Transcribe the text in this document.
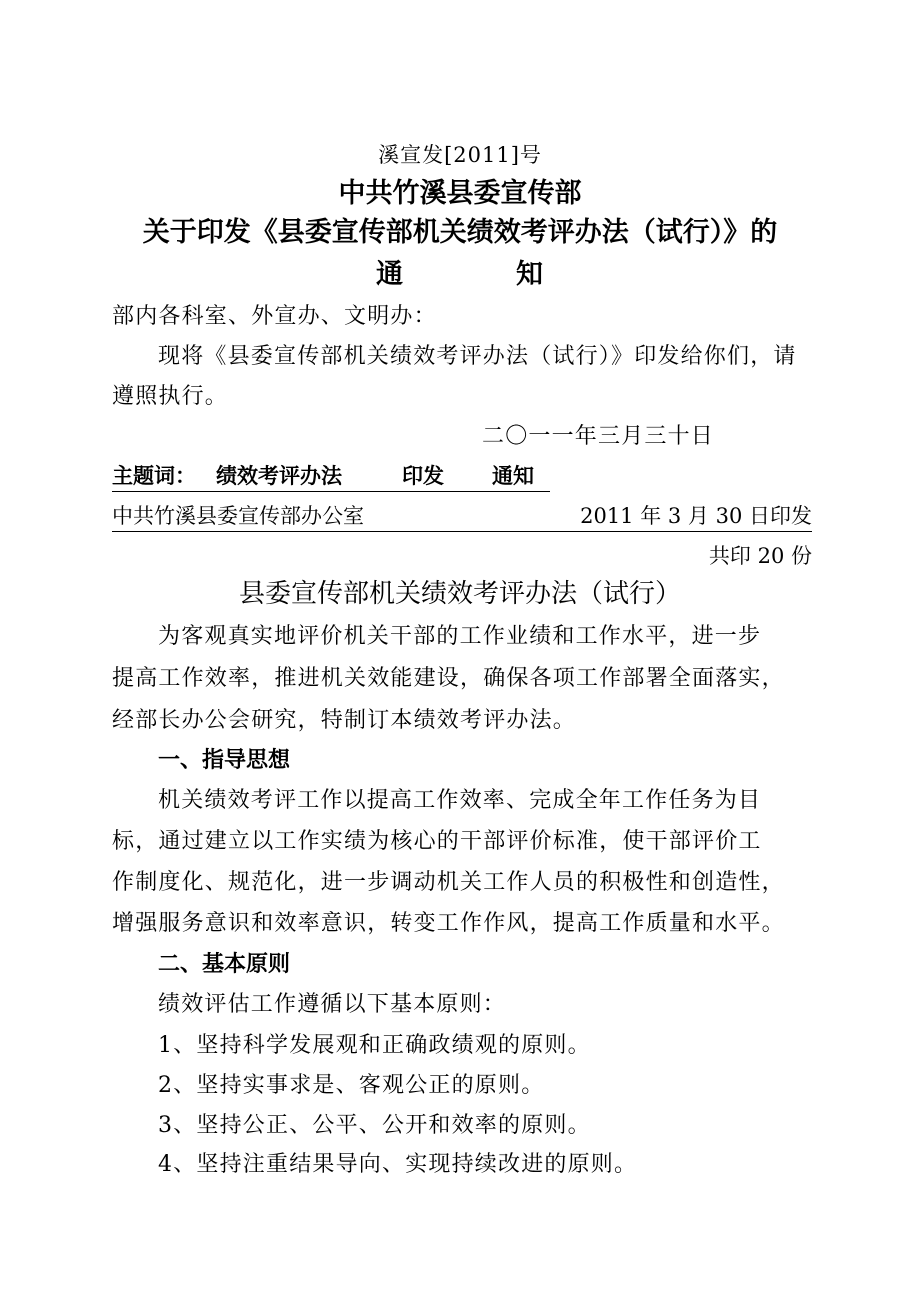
溪宣发[2011]号
中共竹溪县委宣传部
关于印发《县委宣传部机关绩效考评办法（试行）》的
通	知
部内各科室、外宣办、文明办：
现将《县委宣传部机关绩效考评办法（试行）》印发给你们，请
遵照执行。
二〇一一年三月三十日
主题词： 绩效考评办法	印发 通知
中共竹溪县委宣传部办公室	2011 年 3 月 30 日印发
共印 20 份
县委宣传部机关绩效考评办法（试行）
为客观真实地评价机关干部的工作业绩和工作水平，进一步
提高工作效率，推进机关效能建设，确保各项工作部署全面落实，
经部长办公会研究，特制订本绩效考评办法。
一、指导思想
机关绩效考评工作以提高工作效率、完成全年工作任务为目
标，通过建立以工作实绩为核心的干部评价标准，使干部评价工
作制度化、规范化，进一步调动机关工作人员的积极性和创造性，
增强服务意识和效率意识，转变工作作风，提高工作质量和水平。
二、基本原则
绩效评估工作遵循以下基本原则：
1、坚持科学发展观和正确政绩观的原则。
2、坚持实事求是、客观公正的原则。
3、坚持公正、公平、公开和效率的原则。
4、坚持注重结果导向、实现持续改进的原则。
